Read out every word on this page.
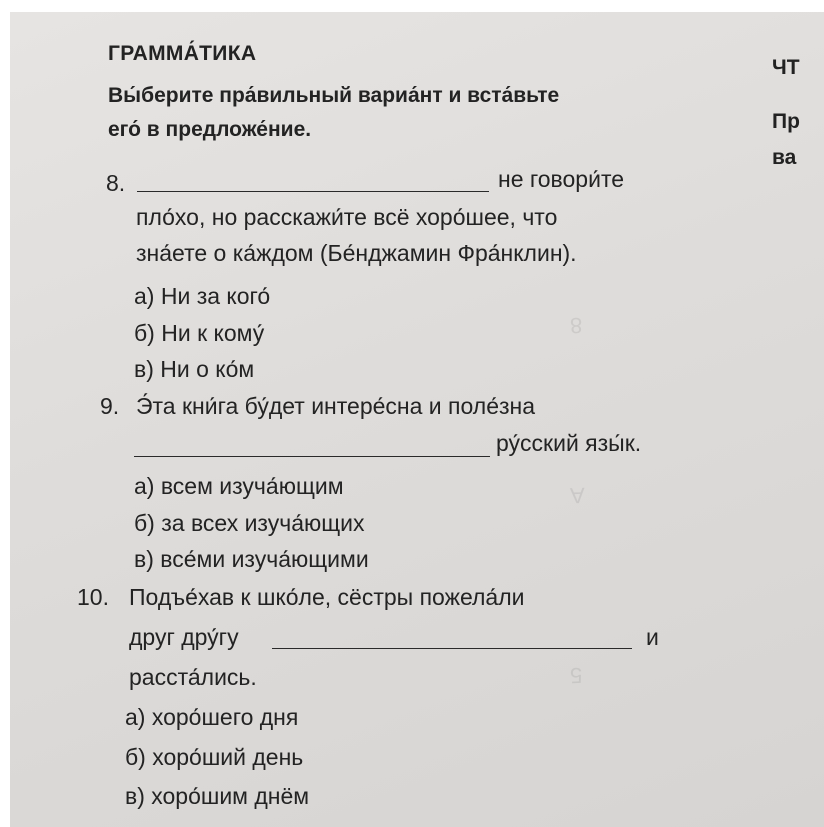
8
A
5
ГРАММА́ТИКА
Вы́берите пра́вильный вариа́нт и вста́вьте
его́ в предложе́ние.
ЧТ
Пр
ва
8.	не говори́те
пло́хо, но расскажи́те всё хоро́шее, что
зна́ете о ка́ждом (Бе́нджамин Фра́нклин).
а) Ни за кого́
б) Ни к кому́
в) Ни о ко́м
9. Э́та кни́га бу́дет интере́сна и поле́зна
ру́сский язы́к.
а) всем изуча́ющим
б) за всех изуча́ющих
в) все́ми изуча́ющими
10. Подъе́хав к шко́ле, сёстры пожела́ли
друг дру́гу	и
расста́лись.
а) хоро́шего дня
б) хоро́ший день
в) хоро́шим днём
